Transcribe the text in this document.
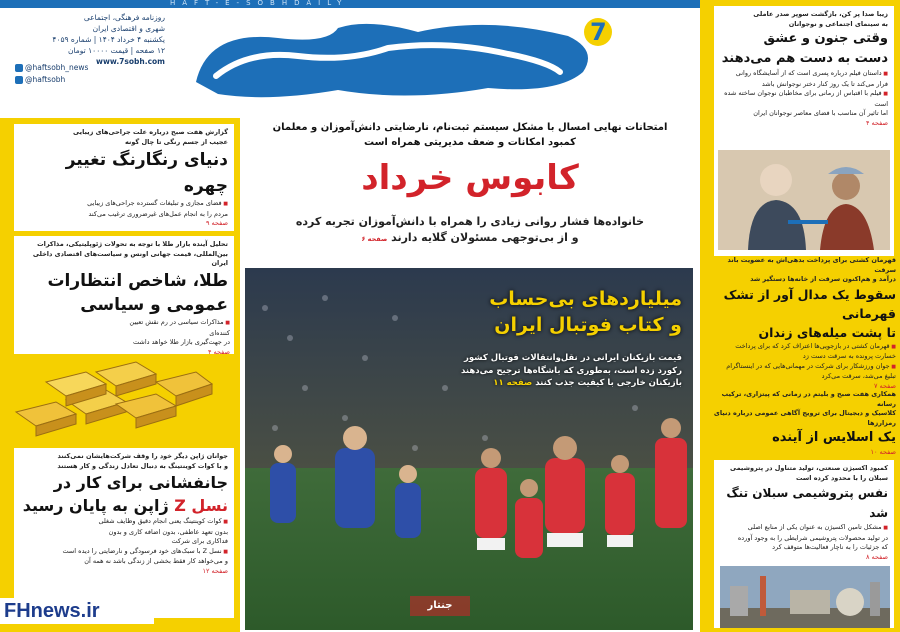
HAFT-E-SOBHDAILY
7
روزنامه فرهنگی، اجتماعی
شهری و اقتصادی ایران
یکشنبه ۴ خرداد ۱۴۰۴ | شماره ۴۰۵۹
۱۲ صفحه | قیمت ۱۰۰۰۰ تومان
www.7sobh.com
@haftsobh_news
@haftsobh
امتحانات نهایی امسال با مشکل سیستم ثبت‌نام، نارضایتی دانش‌آموزان و معلمان
کمبود امکانات و ضعف مدیریتی همراه است
کابوس خرداد
خانواده‌ها فشار روانی زیادی را همراه با دانش‌آموزان تجربه کرده
و از بی‌توجهی مسئولان گلایه دارند صفحه ۶
میلیاردهای بی‌حساب
و کتاب فوتبال ایران
قیمت بازیکنان ایرانی در نقل‌وانتقالات فوتبال کشور
رکورد زده است، به‌طوری که باشگاه‌ها ترجیح می‌دهند
بازیکنان خارجی با کیفیت جذب کنند صفحه ۱۱
جنتار
گزارش هفت صبح درباره علت جراحی‌های زیبایی
عجیب از جسم رنگی تا چال گونه
دنیای رنگارنگ تغییر چهره
■ فضای مجازی و تبلیغات گسترده جراحی‌های زیبایی
مردم را به انجام عمل‌های غیرضروری ترغیب می‌کند
صفحه ۹
تحلیل آینده بازار طلا با توجه به تحولات ژئوپلیتیکی، مذاکرات
بین‌المللی، قیمت جهانی اونس و سیاست‌های اقتصادی داخلی ایران
طلا، شاخص انتظارات
عمومی و سیاسی
■ مذاکرات سیاسی در رم نقش تعیین کننده‌ای
در جهت‌گیری بازار طلا خواهد داشت
صفحه ۴
جوانان ژاپن دیگر خود را وقف شرکت‌هایشان نمی‌کنند
و با کوات کوینتینگ به دنبال تعادل زندگی و کار هستند
جانفشانی برای کار در
نسل Z ژاپن به پایان رسید
■ کوات کوینتینگ یعنی انجام دقیق وظایف شغلی
بدون تعهد عاطفی، بدون اضافه کاری و بدون
فداکاری برای شرکت
■ نسل Z با سبک‌های خود فرسودگی و نارضایتی را دیده است
و می‌خواهد کار فقط بخشی از زندگی باشد نه همه آن
صفحه ۱۲
FHnews.ir
زیبا صدا پر کن، بازگشت سوپر صدر عاملی
به سینمای اجتماعی و نوجوانان
وقتی جنون و عشق
دست به دست هم می‌دهند
■ داستان فیلم درباره پسری است که از آسایشگاه روانی
فرار می‌کند تا یک روز کنار دختر نوجوانش باشد
■ فیلم با اقتباس از رمانی برای مخاطبان نوجوان ساخته شده است
اما تاثیر آن مناسب با فضای معاصر نوجوانان ایران
صفحه ۴
قهرمان کشتی برای پرداخت بدهی‌اش به عضویت باند سرقت
درآمد و هم‌اکنون سرقت از خانه‌ها دستگیر شد
سقوط یک مدال آور از تشک قهرمانی
تا پشت میله‌های زندان
■ قهرمان کشتی در بازجویی‌ها اعتراف کرد که برای پرداخت
خسارت پرونده به سرقت دست زد
■ جوان ورزشکار برای شرکت در مهمانی‌هایی که در اینستاگرام
تبلیغ می‌شد، سرقت می‌کرد
صفحه ۷
همکاری هفت صبح و بلیتم در زمانی که پیتزاری، ترکیب رسانه
کلاسیک و دیجیتال برای ترویج آگاهی عمومی درباره دنیای رمزارزها
یک اسلایس از آینده
صفحه ۱۰
کمبود اکسیژن صنعتی، تولید متناول در پتروشیمی
سبلان را با محدود کرده است
نفس پتروشیمی سبلان تنگ شد
■ مشکل تامین اکسیژن به عنوان یکی از منابع اصلی
در تولید محصولات پتروشیمی شرایطی را به وجود آورده
که جزئیات را به ناچار فعالیت‌ها متوقف کرد
صفحه ۸
